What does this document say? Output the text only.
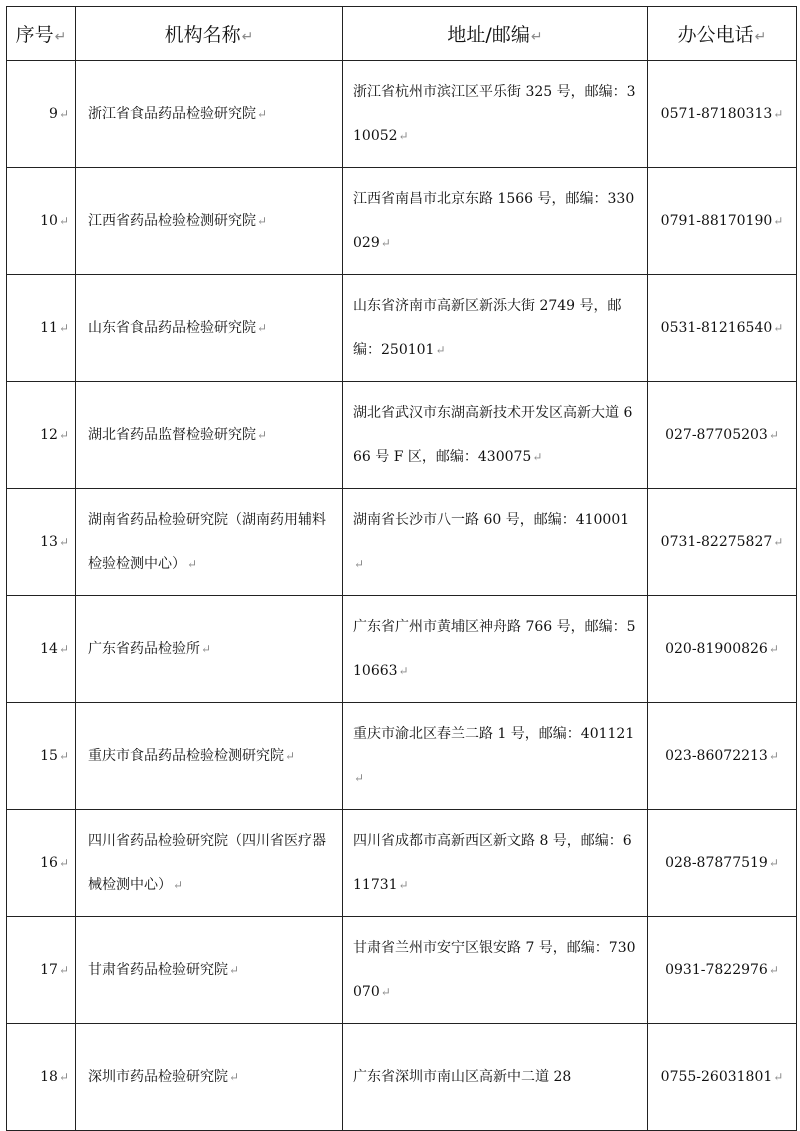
序号↵	机构名称↵	地址/邮编↵	办公电话↵
9↵	浙江省食品药品检验研究院↵	浙江省杭州市滨江区平乐街 325 号，邮编：310052↵	0571-87180313↵
10↵	江西省药品检验检测研究院↵	江西省南昌市北京东路 1566 号，邮编：330029↵	0791-88170190↵
11↵	山东省食品药品检验研究院↵	山东省济南市高新区新泺大街 2749 号，邮编：250101↵	0531-81216540↵
12↵	湖北省药品监督检验研究院↵	湖北省武汉市东湖高新技术开发区高新大道 666 号 F 区，邮编：430075↵	027-87705203↵
13↵	湖南省药品检验研究院（湖南药用辅料检验检测中心）↵	湖南省长沙市八一路 60 号，邮编：410001↵	0731-82275827↵
14↵	广东省药品检验所↵	广东省广州市黄埔区神舟路 766 号，邮编：510663↵	020-81900826↵
15↵	重庆市食品药品检验检测研究院↵	重庆市渝北区春兰二路 1 号，邮编：401121↵	023-86072213↵
16↵	四川省药品检验研究院（四川省医疗器械检测中心）↵	四川省成都市高新西区新文路 8 号，邮编：611731↵	028-87877519↵
17↵	甘肃省药品检验研究院↵	甘肃省兰州市安宁区银安路 7 号，邮编：730070↵	0931-7822976↵
18↵	深圳市药品检验研究院↵	广东省深圳市南山区高新中二道 28	0755-26031801↵
